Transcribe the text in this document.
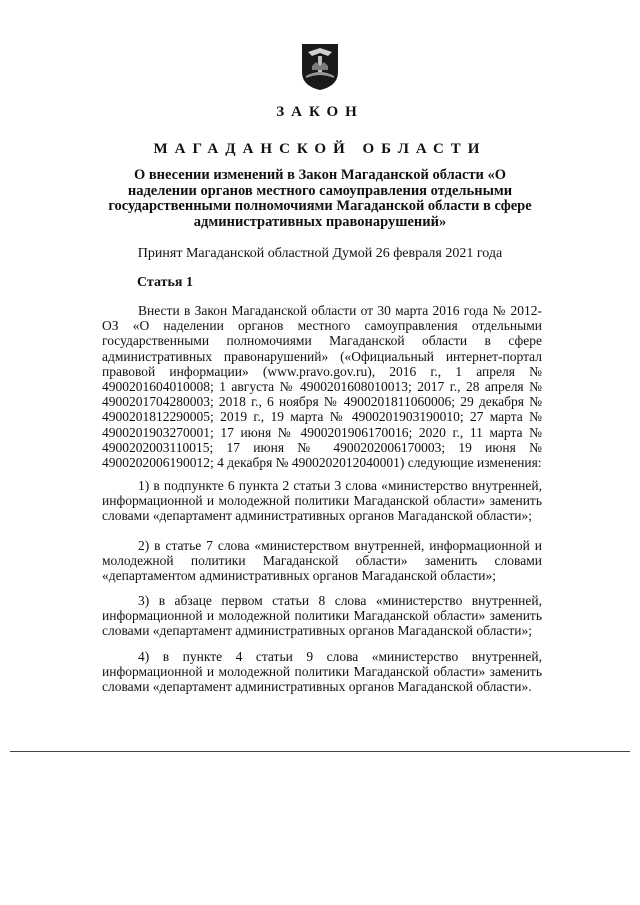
ЗАКОН
МАГАДАНСКОЙ ОБЛАСТИ
О внесении изменений в Закон Магаданской области «О наделении органов местного самоуправления отдельными государственными полномочиями Магаданской области в сфере административных правонарушений»
Принят Магаданской областной Думой 26 февраля 2021 года
Статья 1

Внести в Закон Магаданской области от 30 марта 2016 года № 2012-ОЗ «О наделении органов местного самоуправления отдельными государственными полномочиями Магаданской области в сфере административных правонарушений» («Официальный интернет-портал правовой информации» (www.pravo.gov.ru), 2016 г., 1 апреля № 4900201604010008; 1 августа № 4900201608010013; 2017 г., 28 апреля № 4900201704280003; 2018 г., 6 ноября № 4900201811060006; 29 декабря № 4900201812290005; 2019 г., 19 марта № 4900201903190010; 27 марта № 4900201903270001; 17 июня № 4900201906170016; 2020 г., 11 марта № 4900202003110015; 17 июня № 4900202006170003; 19 июня № 4900202006190012; 4 декабря № 4900202012040001) следующие изменения:

1) в подпункте 6 пункта 2 статьи 3 слова «министерство внутренней, информационной и молодежной политики Магаданской области» заменить словами «департамент административных органов Магаданской области»;

2) в статье 7 слова «министерством внутренней, информационной и молодежной политики Магаданской области» заменить словами «департаментом административных органов Магаданской области»;

3) в абзаце первом статьи 8 слова «министерство внутренней, информационной и молодежной политики Магаданской области» заменить словами «департамент административных органов Магаданской области»;

4) в пункте 4 статьи 9 слова «министерство внутренней, информационной и молодежной политики Магаданской области» заменить словами «департамент административных органов Магаданской области».
